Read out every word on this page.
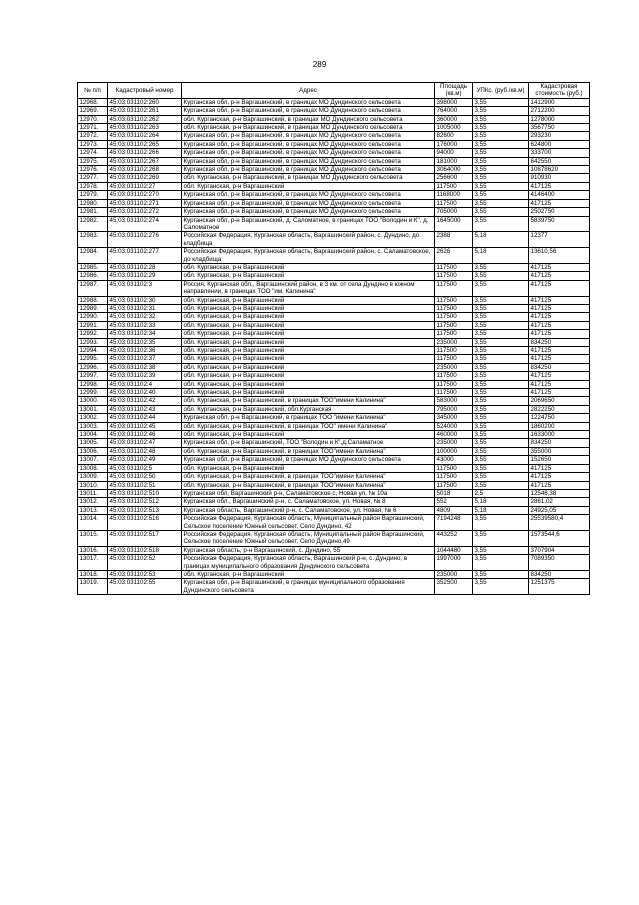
289
№ п/п	Кадастровый номер	Адрес	Площадь (кв.м)	УПКс. (руб./кв.м)	Кадастровая стоимость (руб.)
12968.	45:03:031102:260	Курганская обл, р-н Варгашинский, в границах МО Дундинского сельсовета	398000	3,55	1412900
12969.	45:03:031102:261	Курганская обл, р-н Варгашинский, в границах МО Дундинского сельсовета	764000	3,55	2712200
12970.	45:03:031102:262	обл. Курганская, р-н Варгашинский, в границах МО Дундинского сельсовета	360000	3,55	1278000
12971.	45:03:031102:263	обл. Курганская, р-н Варгашинский, в границах МО Дундинского сельсовета	1005000	3,55	3567750
12972.	45:03:031102:264	Курганская обл, р-н Варгашинский, в границах МО Дундинского сельсовета	82600	3,55	293230
12973.	45:03:031102:265	Курганская обл, р-н Варгашинский, в границах МО Дундинского сельсовета	176000	3,55	624800
12974.	45:03:031102:266	Курганская обл, р-н Варгашинский, в границах МО Дундинского сельсовета	94000	3,55	333700
12975.	45:03:031102:267	Курганская обл, р-н Варгашинский, в границах МО Дундинского сельсовета	181000	3,55	642550
12976.	45:03:031102:268	Курганская обл, р-н Варгашинский, в границах МО Дундинского сельсовета	3064000	3,55	10878620
12977.	45:03:031102:269	обл. Курганская, р-н Варгашинский, в границах МО Дундинского сельсовета	256600	3,55	910930
12978.	45:03:031102:27	обл. Курганская, р-н Варгашинский	117500	3,55	417125
12979.	45:03:031102:270	Курганская обл, р-н Варгашинский, в границах МО Дундинского сельсовета	1168000	3,55	4146400
12980.	45:03:031102:271	Курганская обл, р-н Варгашинский, в границах МО Дундинского сельсовета	117500	3,55	417125
12981.	45:03:031102:272	Курганская обл, р-н Варгашинский, в границах МО Дундинского сельсовета	705000	3,55	2502750
12982.	45:03:031102:274	Курганская обл, р-н Варгашинский, д. Саломатное, в границах ТОО "Володин и К", д. Саломатное	1645000	3,55	5839750
12983.	45:03:031102:276	Российская Федерация, Курганская область, Варгашинский район, с. Дундино, до кладбища	2388	5,18	12377
12984.	45:03:031102:277	Российская Федерация, Курганская область, Варгашинский район, с. Саламатовское, до кладбища	2626	5,18	13610,56
12985.	45:03:031102:28	обл. Курганская, р-н Варгашинский	117500	3,55	417125
12986.	45:03:031102:29	обл. Курганская, р-н Варгашинский	117500	3,55	417125
12987.	45:03:031102:3	Россия, Курганская обл., Варгашинский район, в 3 км. от села Дундино в южном направлении, в границах ТОО "им. Калинина"	117500	3,55	417125
12988.	45:03:031102:30	обл. Курганская, р-н Варгашинский	117500	3,55	417125
12989.	45:03:031102:31	обл. Курганская, р-н Варгашинский	117500	3,55	417125
12990.	45:03:031102:32	обл. Курганская, р-н Варгашинский	117500	3,55	417125
12991.	45:03:031102:33	обл. Курганская, р-н Варгашинский	117500	3,55	417125
12992.	45:03:031102:34	обл. Курганская, р-н Варгашинский	117500	3,55	417125
12993.	45:03:031102:35	обл. Курганская, р-н Варгашинский	235000	3,55	834250
12994.	45:03:031102:36	обл. Курганская, р-н Варгашинский	117500	3,55	417125
12995.	45:03:031102:37	обл. Курганская, р-н Варгашинский	117500	3,55	417125
12996.	45:03:031102:38	обл. Курганская, р-н Варгашинский	235000	3,55	834250
12997.	45:03:031102:39	обл. Курганская, р-н Варгашинский	117500	3,55	417125
12998.	45:03:031102:4	обл. Курганская, р-н Варгашинский	117500	3,55	417125
12999.	45:03:031102:40	обл. Курганская, р-н Варгашинский	117500	3,55	417125
13000.	45:03:031102:42	обл. Курганская, р-н Варгашинский, в границах ТОО"имени Калинина"	583000	3,55	2069650
13001.	45:03:031102:43	обл. Курганская, р-н Варгашинский, обл.Курганская	795000	3,55	2822250
13002.	45:03:031102:44	Курганская обл, р-н Варгашинский, в границах ТОО "имени Калинина"	345000	3,55	1224750
13003.	45:03:031102:45	обл. Курганская, р-н Варгашинский, в границах ТОО" имени Калинина"	524000	3,55	1860200
13004.	45:03:031102:46	обл. Курганская, р-н Варгашинский	460000	3,55	1633000
13005.	45:03:031102:47	Курганская обл, р-н Варгашинский, ТОО "Володин и К",д.Саламатное	235000	3,55	834250
13006.	45:03:031102:48	обл. Курганская, р-н Варгашинский, в границах ТОО"имени Калинина"	100000	3,55	355000
13007.	45:03:031102:49	Курганская обл, р-н Варгашинский, в границах МО Дундинского сельсовета	43000	3,55	152650
13008.	45:03:031102:5	обл. Курганская, р-н Варгашинский	117500	3,55	417125
13009.	45:03:031102:50	обл. Курганская, р-н Варгашинский, в границах ТОО"имени Калинина"	117500	3,55	417125
13010.	45:03:031102:51	обл. Курганская, р-н Варгашинский, в границах ТОО"имени Калинина"	117500	3,55	417125
13011.	45:03:031102:510	Курганская обл, Варгашинский р-н, Саламатовское с, Новая ул, № 10а	5018	2,5	12546,38
13012.	45:03:031102:512	Курганская обл., Варгашинский р-н, с. Саламатовское, ул. Новая, № 8	552	5,18	2861,02
13013.	45:03:031102:513	Курганская область, Варгашинский р-н, с. Саламатовское, ул. Новая, № 6	4809	5,18	24925,05
13014.	45:03:031102:516	Российская Федерация, Курганская область, Муниципальный район Варгашинский, Сельское поселение Южный сельсовет, Село Дундино, 42	7194248	3,55	25539580,4
13015.	45:03:031102:517	Российская Федерация, Курганская область, Муниципальный район Варгашинский, Сельское поселение Южный сельсовет, Село Дундино,49	443252	3,55	1573544,6
13016.	45:03:031102:518	Курганская область, р-н Варгашинский, с. Дундино, 55	1044480	3,55	3707904
13017.	45:03:031102:52	Российская Федерация, Курганская область, Варгашинский р-н, с. Дундино, в границах муниципального образования Дундинского сельсовета	1997000	3,55	7089350
13018.	45:03:031102:53	обл. Курганская, р-н Варгашинский	235000	3,55	834250
13019.	45:03:031102:55	Курганская обл, р-н Варгашинский, в границах муниципального образования Дундинского сельсовета	352500	3,55	1251375
